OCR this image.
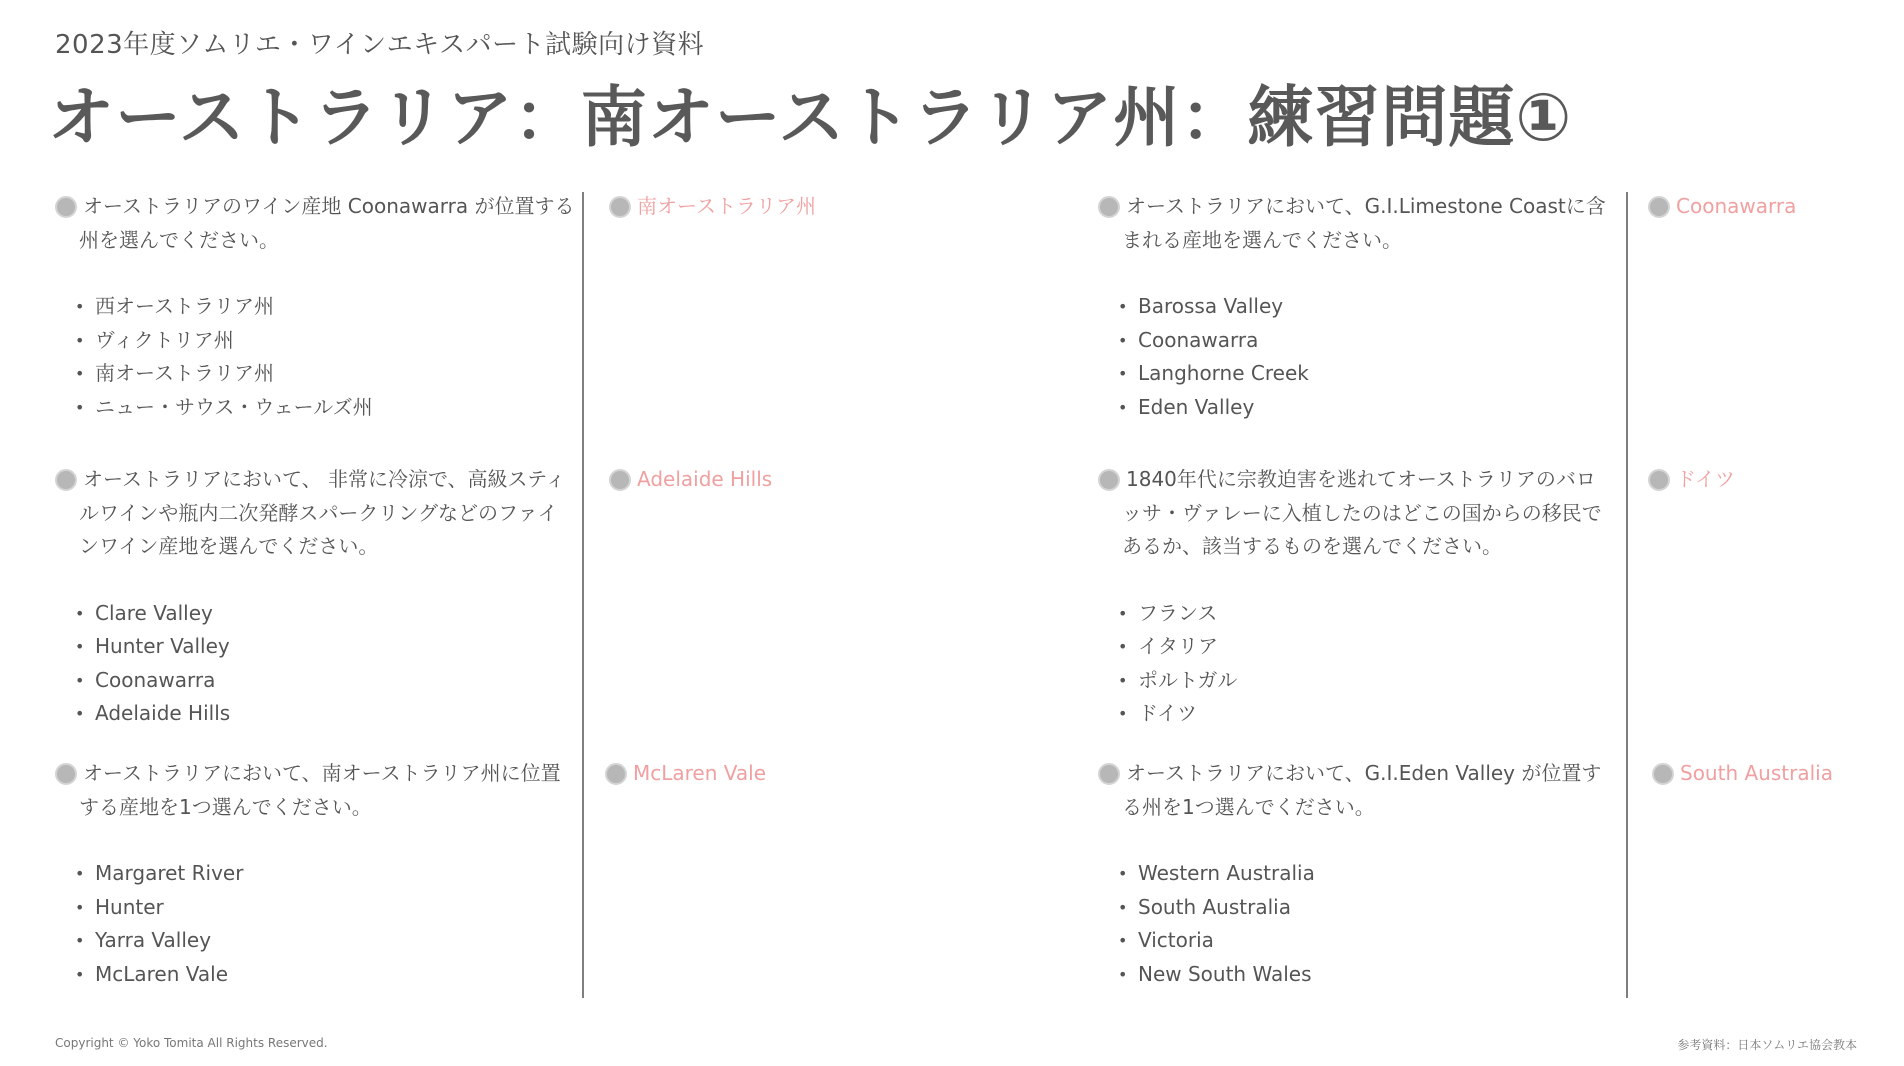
2023年度ソムリエ・ワインエキスパート試験向け資料
オーストラリア：南オーストラリア州：練習問題①
オーストラリアのワイン産地 Coonawarra が位置する州を選んでください。
• 西オーストラリア州
• ヴィクトリア州
• 南オーストラリア州
• ニュー・サウス・ウェールズ州
南オーストラリア州	オーストラリアにおいて、G.I.Limestone Coastに含まれる産地を選んでください。
• Barossa Valley
• Coonawarra
• Langhorne Creek
• Eden Valley
Coonawarra
オーストラリアにおいて、 非常に冷涼で、高級スティルワインや瓶内二次発酵スパークリングなどのファインワイン産地を選んでください。
• Clare Valley
• Hunter Valley
• Coonawarra
• Adelaide Hills
Adelaide Hills	1840年代に宗教迫害を逃れてオーストラリアのバロッサ・ヴァレーに入植したのはどこの国からの移民であるか、該当するものを選んでください。
• フランス
• イタリア
• ポルトガル
• ドイツ
ドイツ
オーストラリアにおいて、南オーストラリア州に位置する産地を1つ選んでください。
• Margaret River
• Hunter
• Yarra Valley
• McLaren Vale
McLaren Vale	オーストラリアにおいて、G.I.Eden Valley が位置する州を1つ選んでください。
• Western Australia
• South Australia
• Victoria
• New South Wales
South Australia
Copyright © Yoko Tomita All Rights Reserved.	参考資料：日本ソムリエ協会教本
